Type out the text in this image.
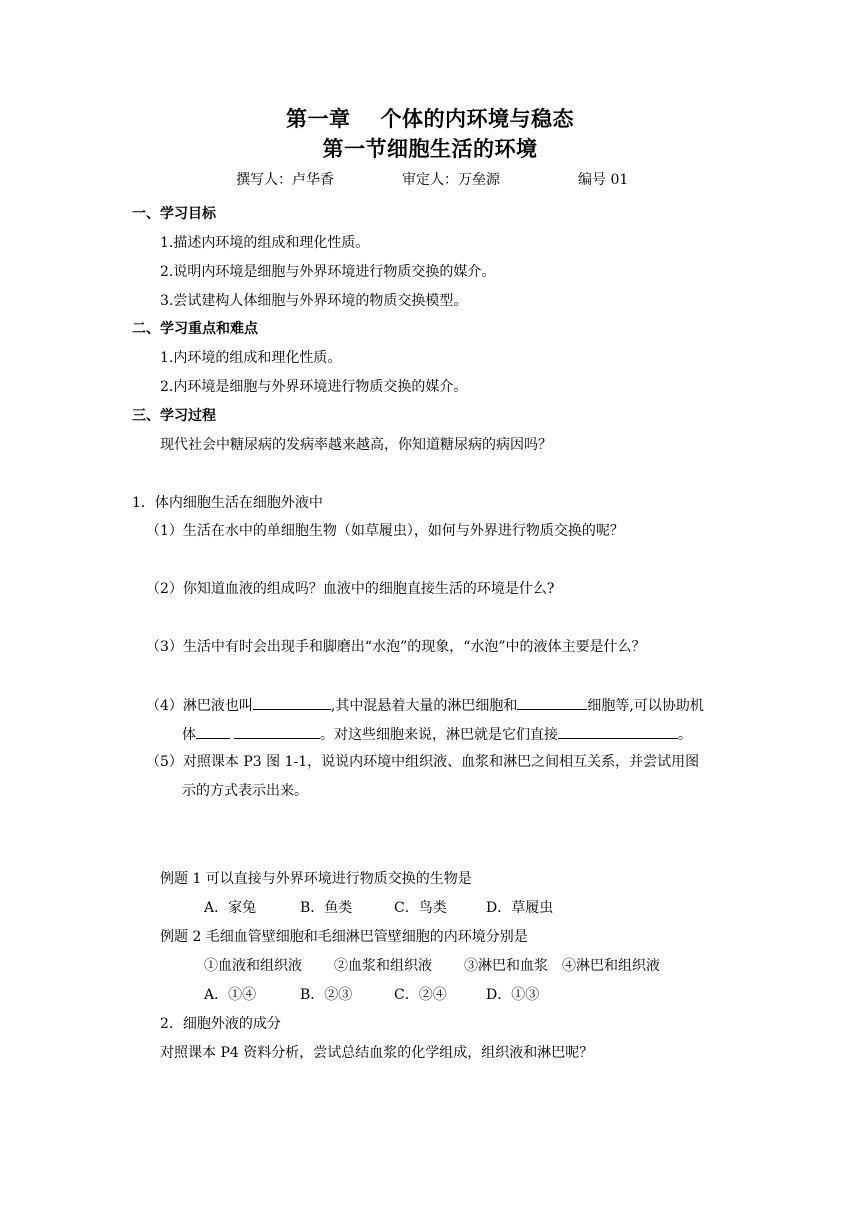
第一章 个体的内环境与稳态
第一节细胞生活的环境
撰写人：卢华香	审定人：万垒源	编号 01
一、学习目标
1.描述内环境的组成和理化性质。
2.说明内环境是细胞与外界环境进行物质交换的媒介。
3.尝试建构人体细胞与外界环境的物质交换模型。
二、学习重点和难点
1.内环境的组成和理化性质。
2.内环境是细胞与外界环境进行物质交换的媒介。
三、学习过程
现代社会中糖尿病的发病率越来越高，你知道糖尿病的病因吗？
1．体内细胞生活在细胞外液中
（1）生活在水中的单细胞生物（如草履虫），如何与外界进行物质交换的呢？
（2）你知道血液的组成吗？血液中的细胞直接生活的环境是什么?
（3）生活中有时会出现手和脚磨出“水泡”的现象，“水泡”中的液体主要是什么？
（4）淋巴液也叫	,其中混悬着大量的淋巴细胞和	细胞等,可以协助机
体	。对这些细胞来说，淋巴就是它们直接	。
（5）对照课本 P3 图 1-1，说说内环境中组织液、血浆和淋巴之间相互关系，并尝试用图
示的方式表示出来。
例题 1 可以直接与外界环境进行物质交换的生物是
A．家兔	B．鱼类	C．鸟类	D．草履虫
例题 2 毛细血管壁细胞和毛细淋巴管壁细胞的内环境分别是
①血液和组织液 ②血浆和组织液 ③淋巴和血浆 ④淋巴和组织液
A．①④	B．②③	C．②④	D．①③
2．细胞外液的成分
对照课本 P4 资料分析，尝试总结血浆的化学组成，组织液和淋巴呢？
